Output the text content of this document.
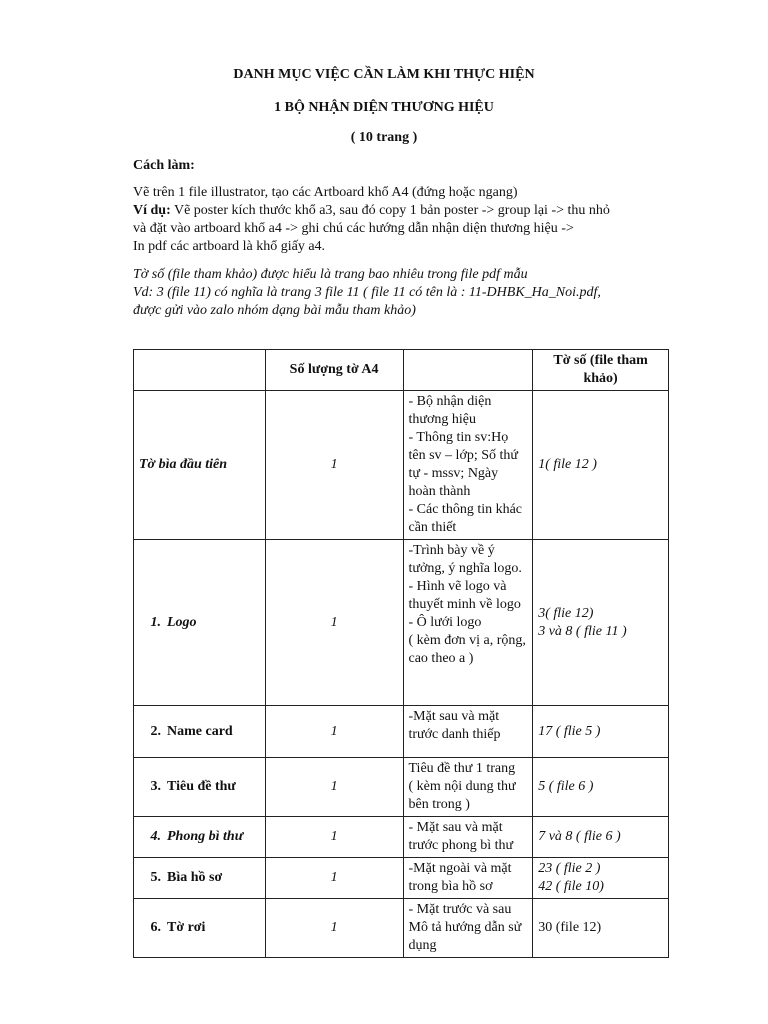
DANH MỤC VIỆC CẦN LÀM KHI THỰC HIỆN
1 BỘ NHẬN DIỆN THƯƠNG HIỆU
( 10 trang )
Cách làm:
Vẽ trên 1 file illustrator, tạo các Artboard khổ A4 (đứng hoặc ngang)
Ví dụ: Vẽ poster kích thước khổ a3, sau đó copy 1 bản poster -> group lại -> thu nhỏ
và đặt vào artboard khổ a4 -> ghi chú các hướng dẫn nhận diện thương hiệu ->
In pdf các artboard là khổ giấy a4.
Tờ số (file tham khảo) được hiểu là trang bao nhiêu trong file pdf mẫu
Vd: 3 (file 11) có nghĩa là trang 3 file 11 ( file 11 có tên là : 11-DHBK_Ha_Noi.pdf,
được gửi vào zalo nhóm dạng bài mẫu tham khảo)
	Số lượng tờ A4		Tờ số (file tham khảo)
Tờ bìa đầu tiên	1	- Bộ nhận diện thương hiệu
- Thông tin sv:Họ tên sv – lớp; Số thứ tự - mssv; Ngày hoàn thành
- Các thông tin khác cần thiết	1( file 12 )

1. Logo	1	-Trình bày về ý tưởng, ý nghĩa logo.
- Hình vẽ logo và thuyết minh về logo
- Ô lưới logo
( kèm đơn vị a, rộng, cao theo a )	3( flie 12)
3 và 8 ( flie 11 )

2. Name card	1	-Mặt sau và mặt trước danh thiếp	17 ( flie 5 )

3. Tiêu đề thư	1	Tiêu đề thư 1 trang
( kèm nội dung thư bên trong )	5 ( file 6 )

4. Phong bì thư	1	- Mặt sau và mặt trước phong bì thư	7 và 8 ( flie 6 )

5. Bìa hồ sơ	1	-Mặt ngoài và mặt trong bìa hồ sơ	23 ( flie 2 )
42 ( file 10)

6. Tờ rơi	1	- Mặt trước và sau
Mô tả hướng dẫn sử dụng	30 (file 12)
